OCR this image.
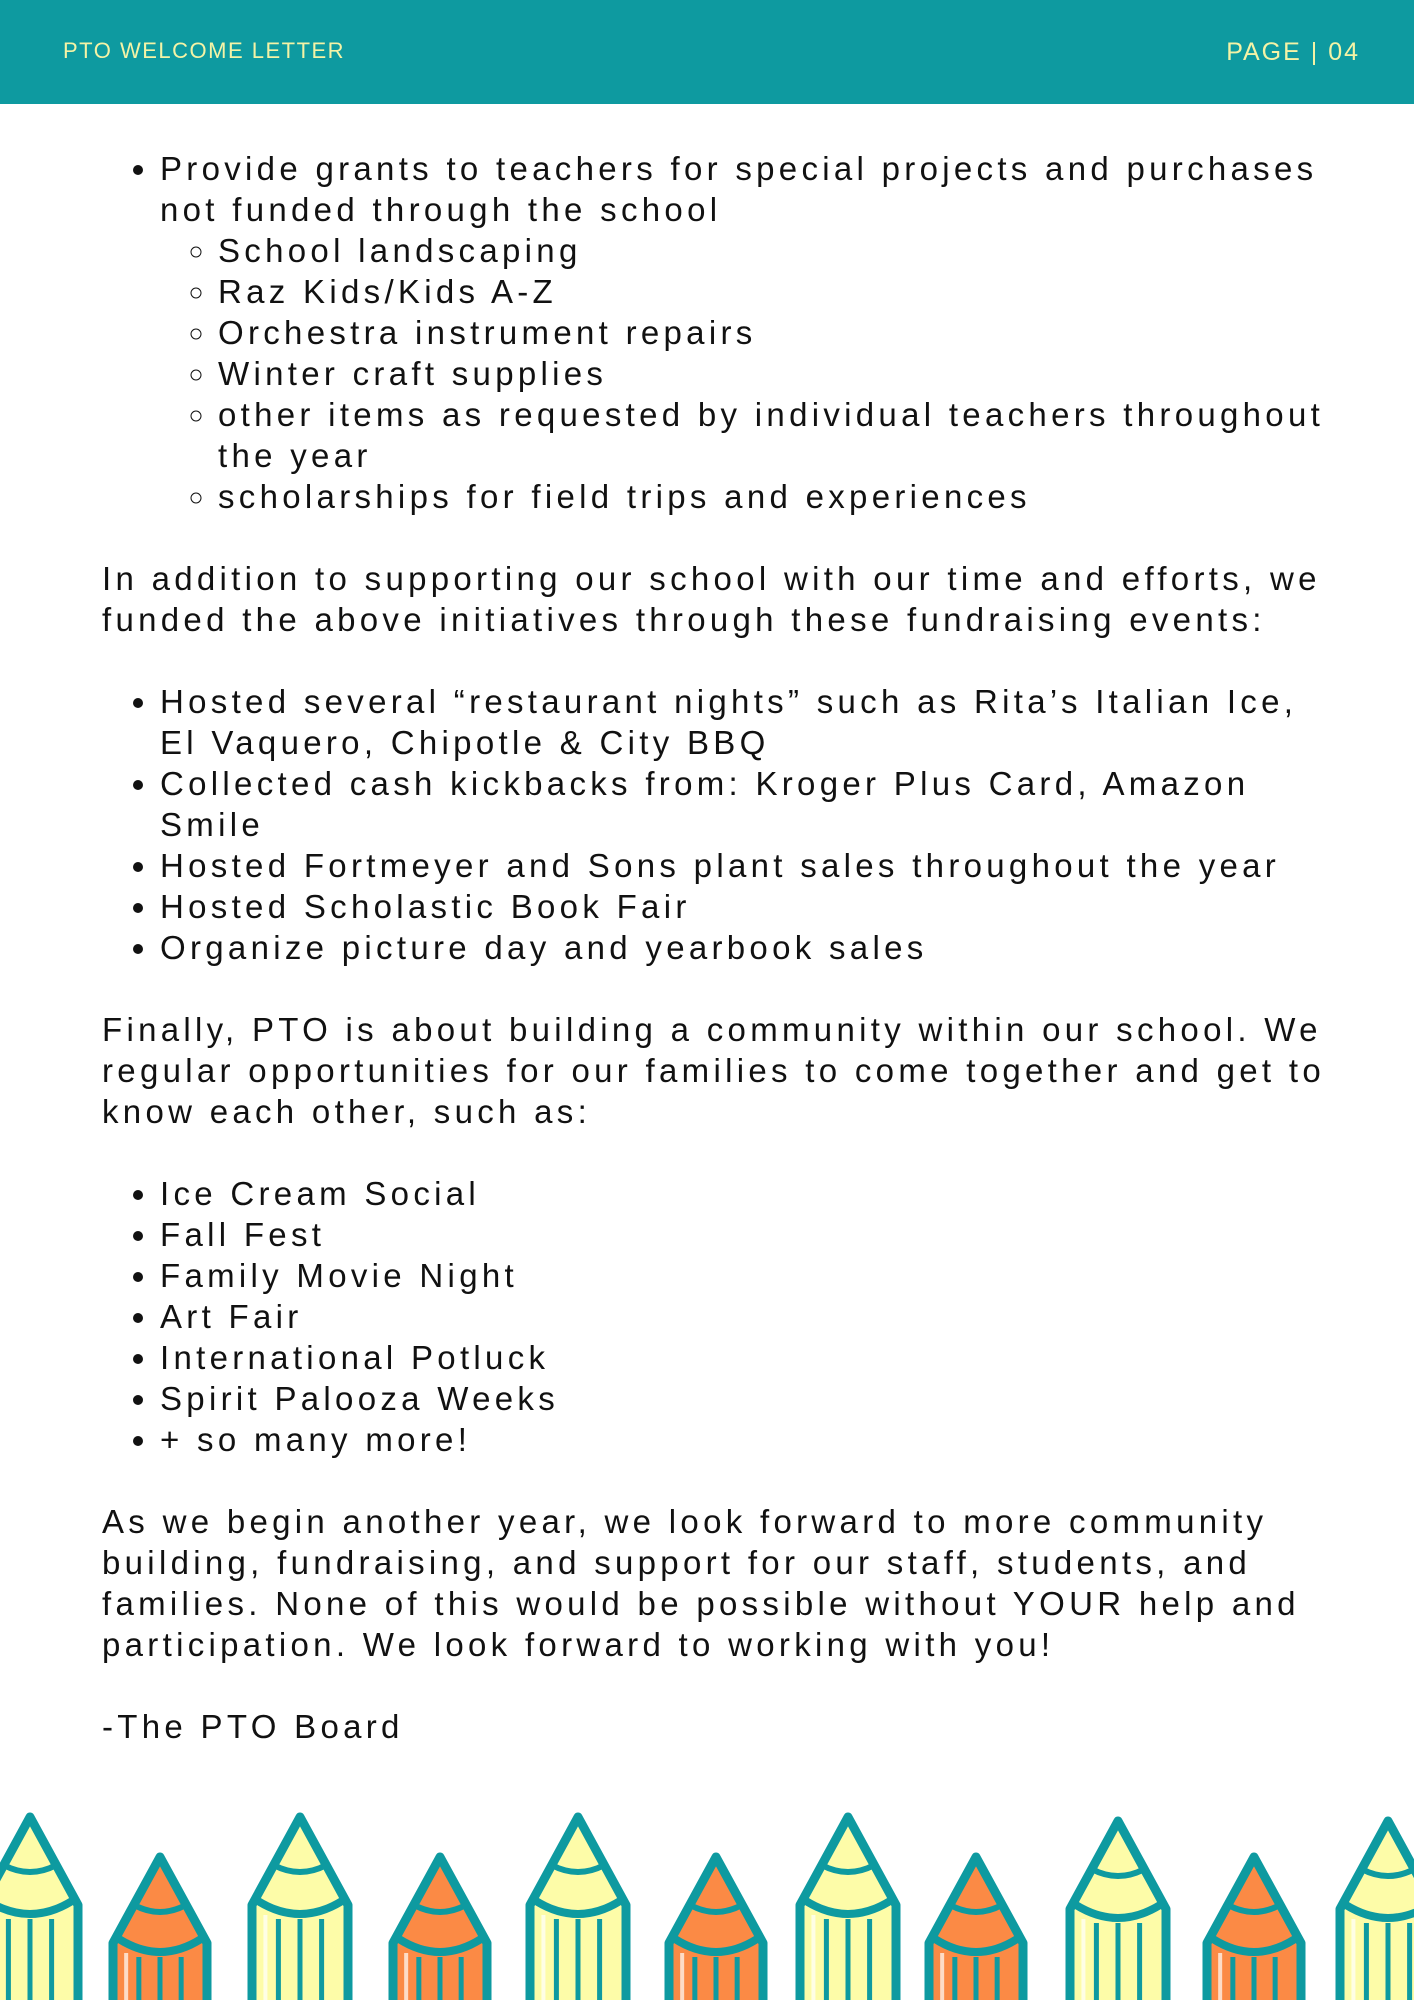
PTO WELCOME LETTER	PAGE | 04
• Provide grants to teachers for special projects and purchases not funded through the school
◦ School landscaping
◦ Raz Kids/Kids A-Z
◦ Orchestra instrument repairs
◦ Winter craft supplies
◦ other items as requested by individual teachers throughout the year
◦ scholarships for field trips and experiences

In addition to supporting our school with our time and efforts, we funded the above initiatives through these fundraising events:

• Hosted several “restaurant nights” such as Rita’s Italian Ice, El Vaquero, Chipotle & City BBQ
• Collected cash kickbacks from: Kroger Plus Card, Amazon Smile
• Hosted Fortmeyer and Sons plant sales throughout the year
• Hosted Scholastic Book Fair
• Organize picture day and yearbook sales

Finally, PTO is about building a community within our school. We regular opportunities for our families to come together and get to know each other, such as:

• Ice Cream Social
• Fall Fest
• Family Movie Night
• Art Fair
• International Potluck
• Spirit Palooza Weeks
• + so many more!

As we begin another year, we look forward to more community building, fundraising, and support for our staff, students, and families. None of this would be possible without YOUR help and participation. We look forward to working with you!

-The PTO Board
